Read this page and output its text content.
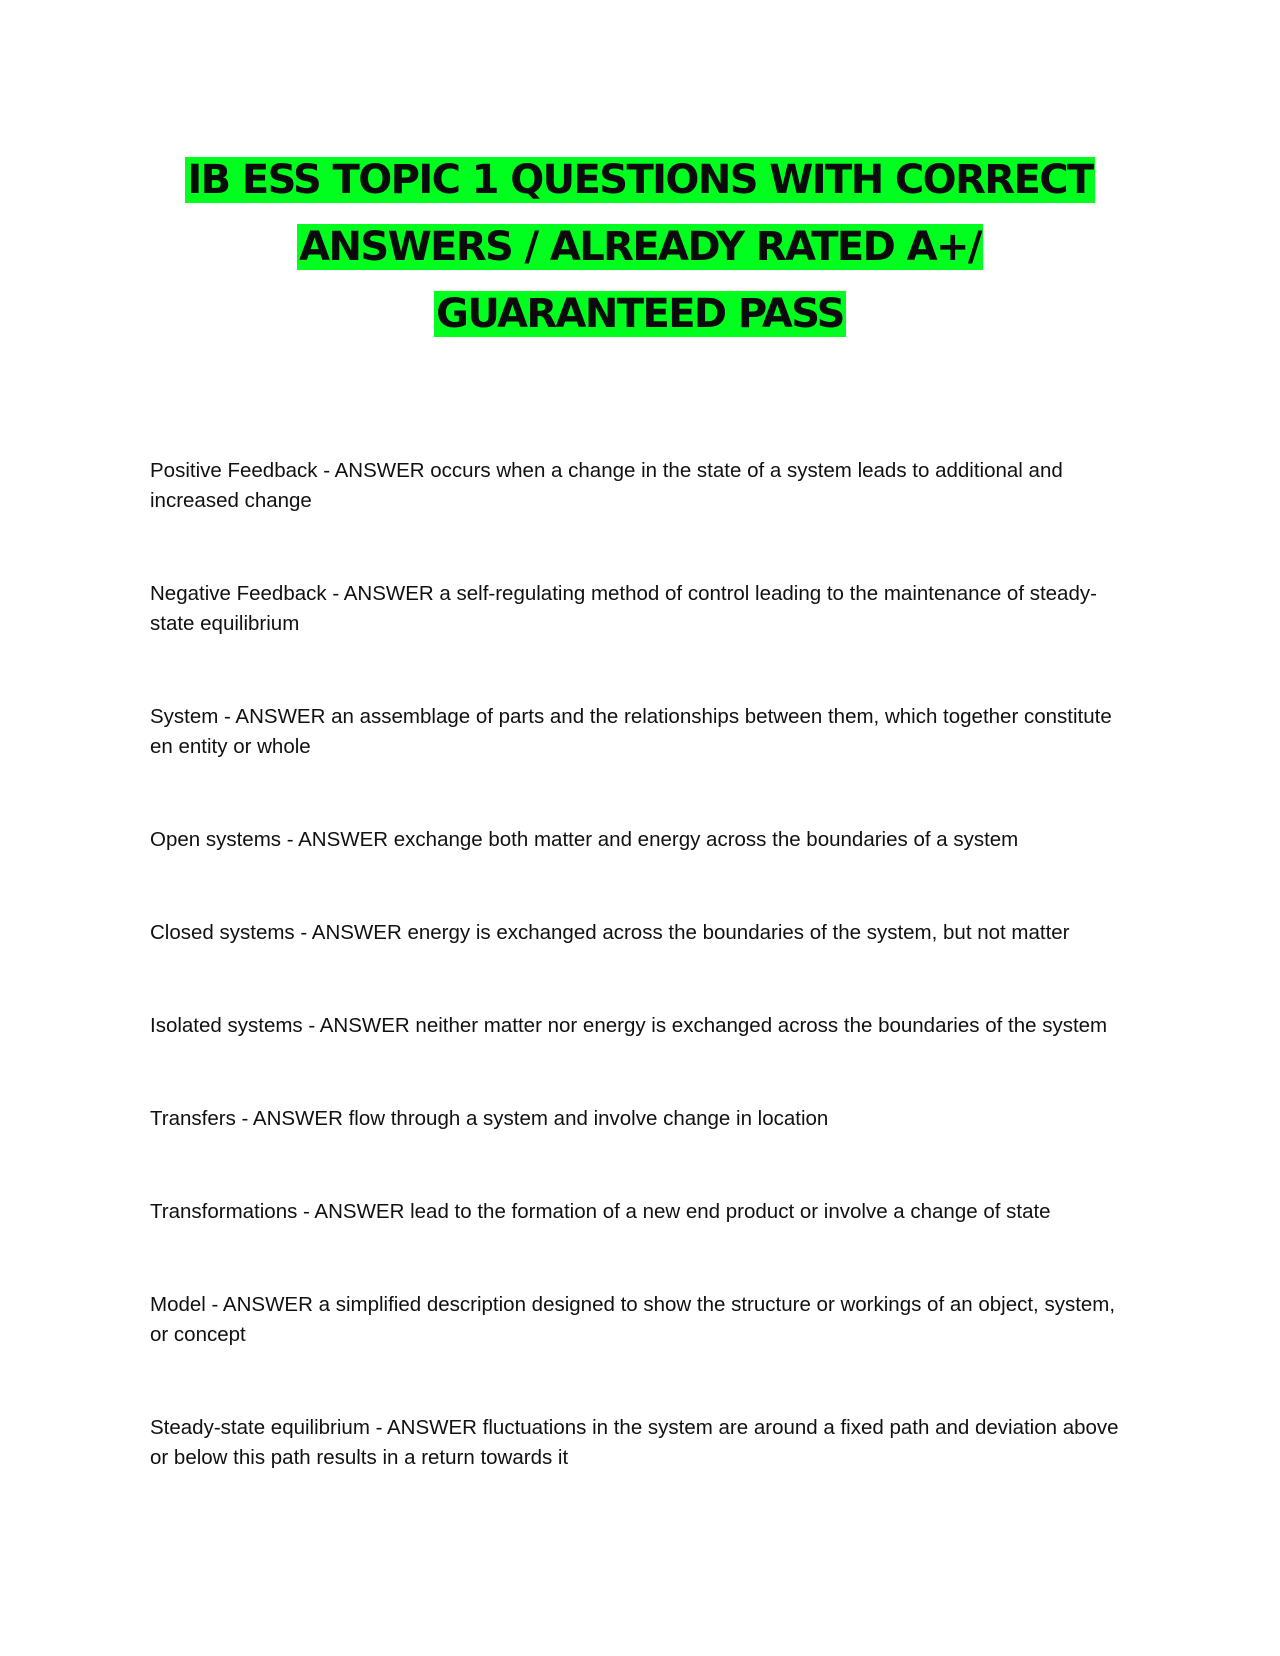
IB ESS TOPIC 1 QUESTIONS WITH CORRECT
ANSWERS / ALREADY RATED A+/
GUARANTEED PASS

Positive Feedback - ANSWER occurs when a change in the state of a system leads to additional and increased change

Negative Feedback - ANSWER a self-regulating method of control leading to the maintenance of steady-state equilibrium

System - ANSWER an assemblage of parts and the relationships between them, which together constitute en entity or whole

Open systems - ANSWER exchange both matter and energy across the boundaries of a system

Closed systems - ANSWER energy is exchanged across the boundaries of the system, but not matter

Isolated systems - ANSWER neither matter nor energy is exchanged across the boundaries of the system

Transfers - ANSWER flow through a system and involve change in location

Transformations - ANSWER lead to the formation of a new end product or involve a change of state

Model - ANSWER a simplified description designed to show the structure or workings of an object, system, or concept

Steady-state equilibrium - ANSWER fluctuations in the system are around a fixed path and deviation above or below this path results in a return towards it
